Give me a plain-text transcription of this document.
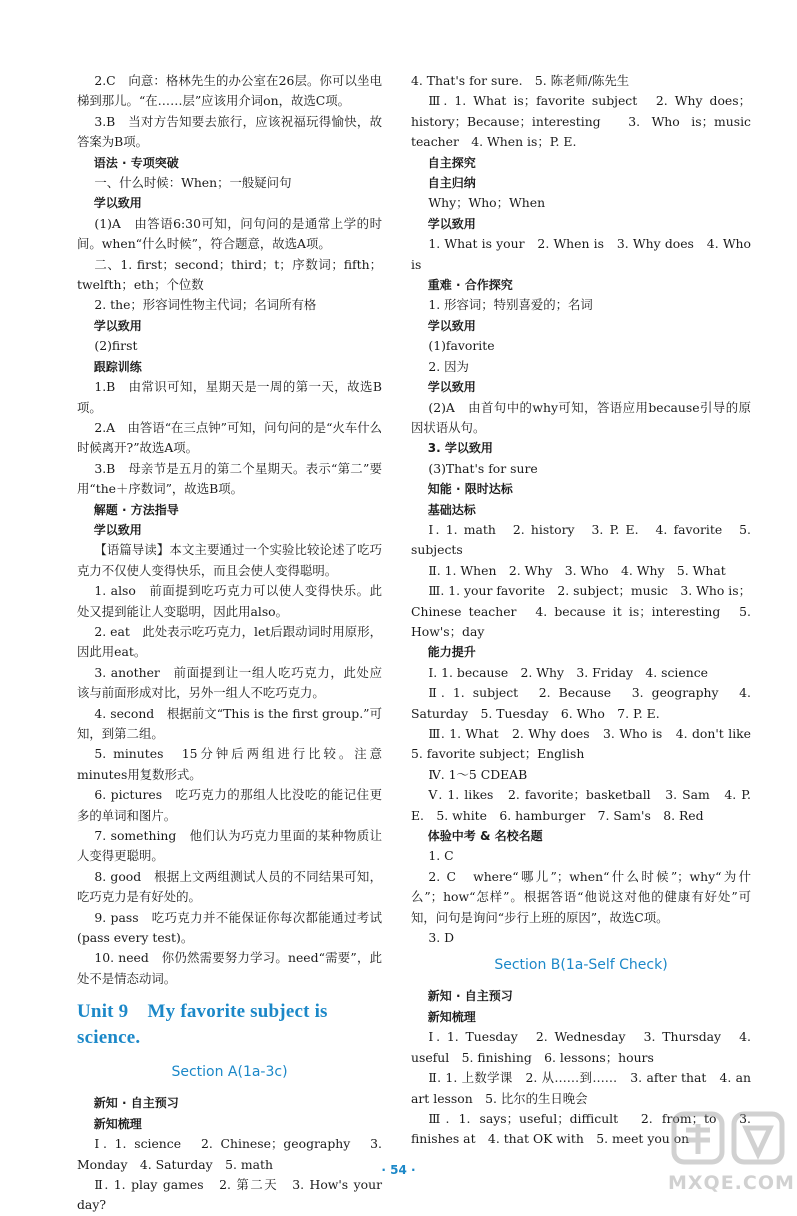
2.C　向意：格林先生的办公室在26层。你可以坐电梯到那儿。“在……层”应该用介词on，故选C项。

3.B　当对方告知要去旅行，应该祝福玩得愉快，故答案为B项。

语法 · 专项突破

一、什么时候：When；一般疑问句

学以致用

(1)A　由答语6:30可知，问句问的是通常上学的时间。when“什么时候”，符合题意，故选A项。

二、1. first；second；third；t；序数词；fifth；twelfth；eth；个位数

2. the；形容词性物主代词；名词所有格

学以致用

(2)first

跟踪训练

1.B　由常识可知，星期天是一周的第一天，故选B项。

2.A　由答语“在三点钟”可知，问句问的是“火车什么时候离开?”故选A项。

3.B　母亲节是五月的第二个星期天。表示“第二”要用“the＋序数词”，故选B项。

解题 · 方法指导

学以致用

【语篇导读】本文主要通过一个实验比较论述了吃巧克力不仅使人变得快乐，而且会使人变得聪明。

1. also　前面提到吃巧克力可以使人变得快乐。此处又提到能让人变聪明，因此用also。

2. eat　此处表示吃巧克力，let后跟动词时用原形，因此用eat。

3. another　前面提到让一组人吃巧克力，此处应该与前面形成对比，另外一组人不吃巧克力。

4. second　根据前文“This is the first group.”可知，到第二组。

5. minutes　15分钟后两组进行比较。注意minutes用复数形式。

6. pictures　吃巧克力的那组人比没吃的能记住更多的单词和图片。

7. something　他们认为巧克力里面的某种物质让人变得更聪明。

8. good　根据上文两组测试人员的不同结果可知，吃巧克力是有好处的。

9. pass　吃巧克力并不能保证你每次都能通过考试(pass every test)。

10. need　你仍然需要努力学习。need“需要”，此处不是情态动词。

Unit 9　My favorite subject is science.
Section A(1a-3c)

新知 · 自主预习

新知梳理

Ⅰ. 1. science　2. Chinese；geography　3. Monday　4. Saturday　5. math

Ⅱ. 1. play games　2. 第二天　3. How's your day?

4. That's for sure.　5. 陈老师/陈先生

Ⅲ. 1. What is；favorite subject　2. Why does；history；Because；interesting　3. Who is；music teacher　4. When is；P. E.

自主探究

自主归纳

Why；Who；When

学以致用

1. What is your　2. When is　3. Why does　4. Who is

重难 · 合作探究

1. 形容词；特别喜爱的；名词

学以致用

(1)favorite

2. 因为

学以致用

(2)A　由首句中的why可知，答语应用because引导的原因状语从句。

3. 学以致用

(3)That's for sure

知能 · 限时达标

基础达标

Ⅰ. 1. math　2. history　3. P. E.　4. favorite　5. subjects

Ⅱ. 1. When　2. Why　3. Who　4. Why　5. What

Ⅲ. 1. your favorite　2. subject；music　3. Who is；Chinese teacher　4. because it is；interesting　5. How's；day

能力提升

Ⅰ. 1. because　2. Why　3. Friday　4. science

Ⅱ. 1. subject　2. Because　3. geography　4. Saturday　5. Tuesday　6. Who　7. P. E.

Ⅲ. 1. What　2. Why does　3. Who is　4. don't like　5. favorite subject；English

Ⅳ. 1～5 CDEAB

Ⅴ. 1. likes　2. favorite；basketball　3. Sam　4. P. E.　5. white　6. hamburger　7. Sam's　8. Red

体验中考 & 名校名题

1. C

2. C　where“哪儿”；when“什么时候”；why“为什么”；how“怎样”。根据答语“他说这对他的健康有好处”可知，问句是询问“步行上班的原因”，故选C项。

3. D

Section B(1a-Self Check)

新知 · 自主预习

新知梳理

Ⅰ. 1. Tuesday　2. Wednesday　3. Thursday　4. useful　5. finishing　6. lessons；hours

Ⅱ. 1. 上数学课　2. 从……到……　3. after that　4. an art lesson　5. 比尔的生日晚会

Ⅲ. 1. says；useful；difficult　2. from；to　3. finishes at　4. that OK with　5. meet you on

· 54 ·
MXQE.COM
